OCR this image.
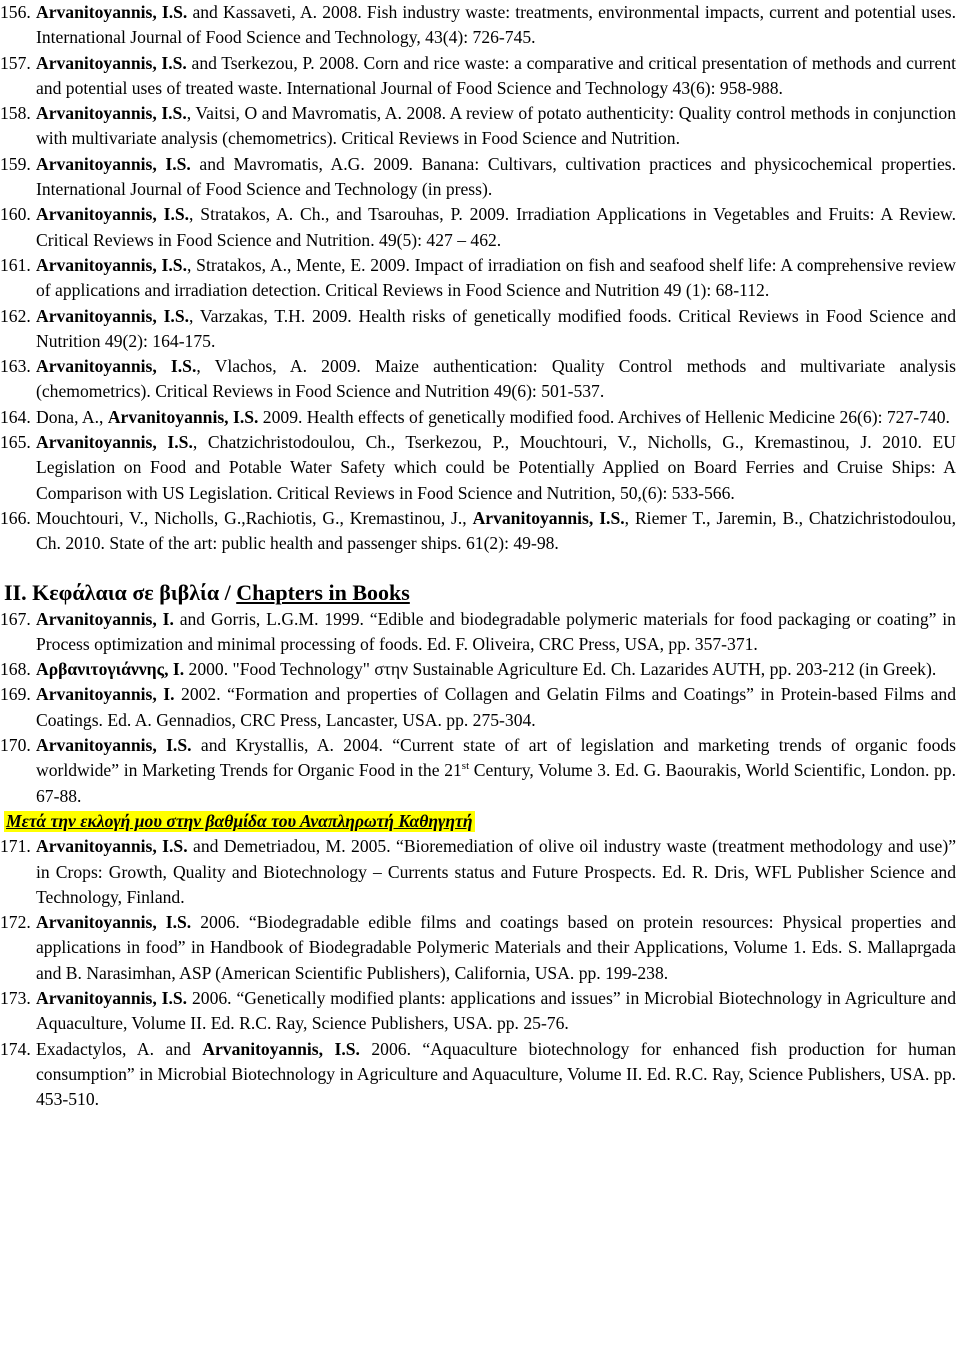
156. Arvanitoyannis, I.S. and Kassaveti, A. 2008. Fish industry waste: treatments, environmental impacts, current and potential uses. International Journal of Food Science and Technology, 43(4): 726-745.

157. Arvanitoyannis, I.S. and Tserkezou, P. 2008. Corn and rice waste: a comparative and critical presentation of methods and current and potential uses of treated waste. International Journal of Food Science and Technology 43(6): 958-988.

158. Arvanitoyannis, I.S., Vaitsi, O and Mavromatis, A. 2008. A review of potato authenticity: Quality control methods in conjunction with multivariate analysis (chemometrics). Critical Reviews in Food Science and Nutrition.

159. Arvanitoyannis, I.S. and Mavromatis, A.G. 2009. Banana: Cultivars, cultivation practices and physicochemical properties. International Journal of Food Science and Technology (in press).

160. Arvanitoyannis, I.S., Stratakos, A. Ch., and Tsarouhas, P. 2009. Irradiation Applications in Vegetables and Fruits: A Review. Critical Reviews in Food Science and Nutrition. 49(5): 427 – 462.

161. Arvanitoyannis, I.S., Stratakos, A., Mente, E. 2009. Impact of irradiation on fish and seafood shelf life: A comprehensive review of applications and irradiation detection. Critical Reviews in Food Science and Nutrition 49 (1): 68-112.

162. Arvanitoyannis, I.S., Varzakas, T.H. 2009. Health risks of genetically modified foods. Critical Reviews in Food Science and Nutrition 49(2): 164-175.

163. Arvanitoyannis, I.S., Vlachos, A. 2009. Maize authentication: Quality Control methods and multivariate analysis (chemometrics). Critical Reviews in Food Science and Nutrition 49(6): 501-537.

164. Dona, A., Arvanitoyannis, I.S. 2009. Health effects of genetically modified food. Archives of Hellenic Medicine 26(6): 727-740.

165. Arvanitoyannis, I.S., Chatzichristodoulou, Ch., Tserkezou, P., Mouchtouri, V., Nicholls, G., Kremastinou, J. 2010. EU Legislation on Food and Potable Water Safety which could be Potentially Applied on Board Ferries and Cruise Ships: A Comparison with US Legislation. Critical Reviews in Food Science and Nutrition, 50,(6): 533-566.

166. Mouchtouri, V., Nicholls, G.,Rachiotis, G., Kremastinou, J., Arvanitoyannis, I.S., Riemer T., Jaremin, B., Chatzichristodoulou, Ch. 2010. State of the art: public health and passenger ships. 61(2): 49-98.

ΙΙ. Κεφάλαια σε βιβλία / Chapters in Books

167. Arvanitoyannis, I. and Gorris, L.G.M. 1999. “Edible and biodegradable polymeric materials for food packaging or coating” in Process optimization and minimal processing of foods. Ed. F. Oliveira, CRC Press, USA, pp. 357-371.

168. Αρβανιτογιάννης, Ι. 2000. "Food Technology" στην Sustainable Agriculture Ed. Ch. Lazarides AUTH, pp. 203-212 (in Greek).

169. Arvanitoyannis, I. 2002. “Formation and properties of Collagen and Gelatin Films and Coatings” in Protein-based Films and Coatings. Ed. A. Gennadios, CRC Press, Lancaster, USA. pp. 275-304.

170. Arvanitoyannis, I.S. and Krystallis, A. 2004. “Current state of art of legislation and marketing trends of organic foods worldwide” in Marketing Trends for Organic Food in the 21st Century, Volume 3. Ed. G. Baourakis, World Scientific, London. pp. 67-88.

Μετά την εκλογή μου στην βαθμίδα του Αναπληρωτή Καθηγητή

171. Arvanitoyannis, I.S. and Demetriadou, M. 2005. “Bioremediation of olive oil industry waste (treatment methodology and use)” in Crops: Growth, Quality and Biotechnology – Currents status and Future Prospects. Ed. R. Dris, WFL Publisher Science and Technology, Finland.

172. Arvanitoyannis, I.S. 2006. “Biodegradable edible films and coatings based on protein resources: Physical properties and applications in food” in Handbook of Biodegradable Polymeric Materials and their Applications, Volume 1. Eds. S. Mallaprgada and B. Narasimhan, ASP (American Scientific Publishers), California, USA. pp. 199-238.

173. Arvanitoyannis, I.S. 2006. “Genetically modified plants: applications and issues” in Microbial Biotechnology in Agriculture and Aquaculture, Volume II. Ed. R.C. Ray, Science Publishers, USA. pp. 25-76.

174. Exadactylos, A. and Arvanitoyannis, I.S. 2006. “Aquaculture biotechnology for enhanced fish production for human consumption” in Microbial Biotechnology in Agriculture and Aquaculture, Volume II. Ed. R.C. Ray, Science Publishers, USA. pp. 453-510.
